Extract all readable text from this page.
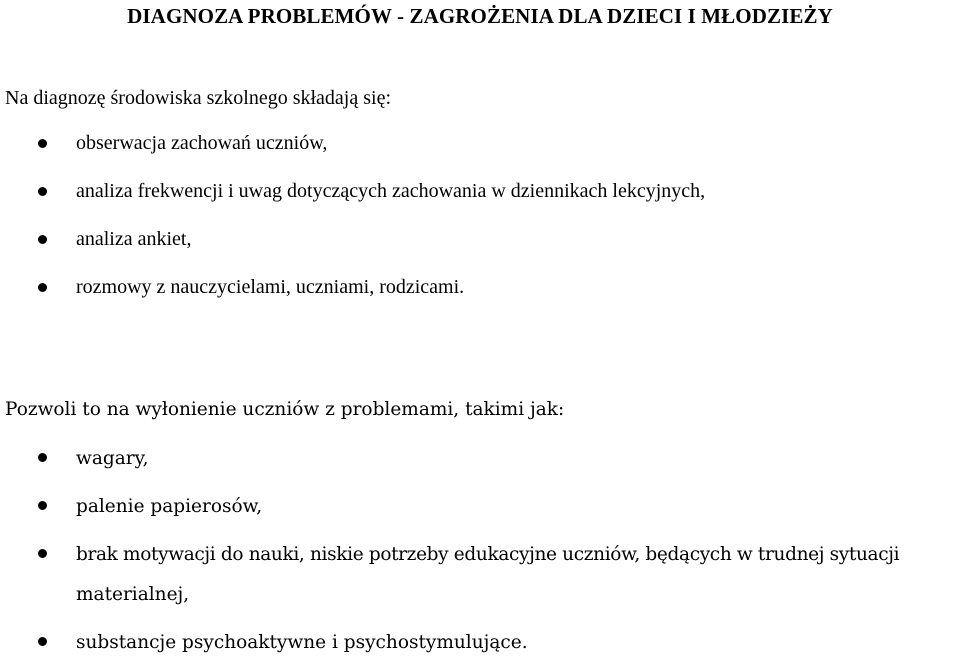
DIAGNOZA PROBLEMÓW - ZAGROŻENIA DLA DZIECI I MŁODZIEŻY
Na diagnozę środowiska szkolnego składają się:
obserwacja zachowań uczniów,
analiza frekwencji i uwag dotyczących zachowania w dziennikach lekcyjnych,
analiza ankiet,
rozmowy z nauczycielami, uczniami, rodzicami.
Pozwoli to na wyłonienie uczniów z problemami, takimi jak:
wagary,
palenie papierosów,
brak motywacji do nauki, niskie potrzeby edukacyjne uczniów, będących w trudnej sytuacji
materialnej,
substancje psychoaktywne i psychostymulujące.
